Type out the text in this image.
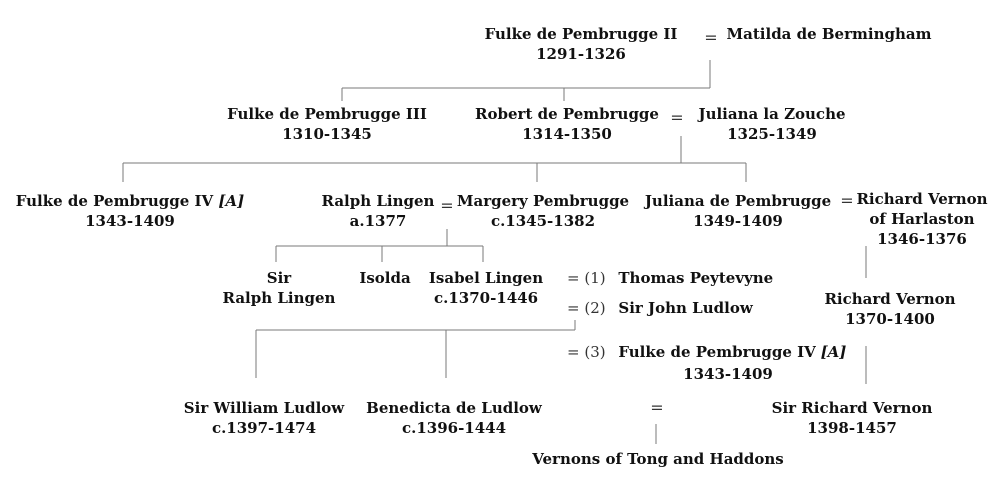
Fulke de Pembrugge II
1291-1326
= Matilda de Bermingham
Fulke de Pembrugge III
1310-1345
Robert de Pembrugge
1314-1350
= Juliana la Zouche
1325-1349
Fulke de Pembrugge IV [A]
1343-1409
Ralph Lingen
a.1377
= Margery Pembrugge
c.1345-1382
Juliana de Pembrugge
1349-1409
= Richard Vernon
of Harlaston
1346-1376
Sir
Ralph Lingen
Isolda Isabel Lingen
c.1370-1446
= (1) Thomas Peytevyne
= (2) Sir John Ludlow
= (3) Fulke de Pembrugge IV [A]
1343-1409
Richard Vernon
1370-1400
Sir William Ludlow
c.1397-1474
Benedicta de Ludlow
c.1396-1444
=	Sir Richard Vernon
1398-1457
Vernons of Tong and Haddons
